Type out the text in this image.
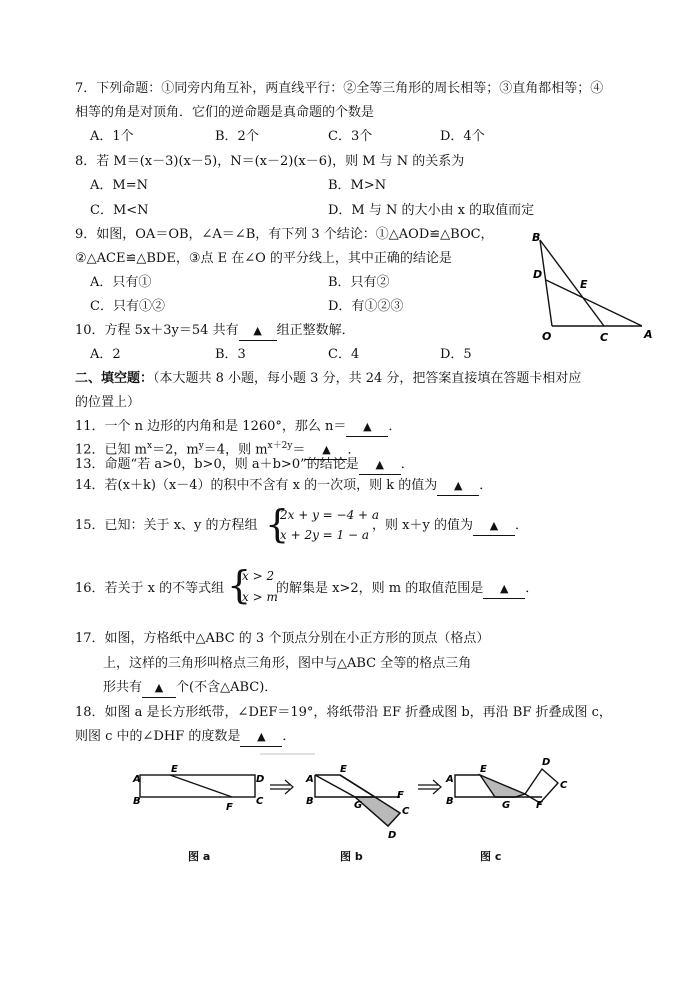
7．下列命题：①同旁内角互补，两直线平行：②全等三角形的周长相等；③直角都相等；④
相等的角是对顶角．它们的逆命题是真命题的个数是
A．1个	B．2个	C．3个	D．4个
8．若 M＝(x－3)(x－5)，N＝(x－2)(x－6)，则 M 与 N 的关系为
A．M=N	B．M>N
C．M<N	D．M 与 N 的大小由 x 的取值而定
9．如图，OA＝OB，∠A＝∠B，有下列 3 个结论：①△AOD≌△BOC，
②△ACE≌△BDE，③点 E 在∠O 的平分线上，其中正确的结论是
A．只有①	B．只有②
C．只有①②	D．有①②③
B
D
E
O	C	A
10．方程 5x＋3y＝54 共有 ▲ 组正整数解．
A．2	B．3	C．4	D．5
二、填空题：（本大题共 8 小题，每小题 3 分，共 24 分，把答案直接填在答题卡相对应
的位置上）
11．一个 n 边形的内角和是 1260°，那么 n＝ ▲ ．
12．已知 $m^x=2$，$m^y=4$，则 $m^{x+2y}=$ ▲ ．
13．命题“若 a>0，b>0，则 a＋b>0”的结论是 ▲ ．
14．若(x＋k)（x－4）的积中不含有 x 的一次项，则 k 的值为 ▲ ．
15．已知：关于 x、y 的方程组 {
2x + y = −4 + a
x + 2y = 1 − a
，则 x＋y 的值为 ▲ ．
16．若关于 x 的不等式组 {
x > 2
x > m
的解集是 x>2，则 m 的取值范围是 ▲ ．
17．如图，方格纸中△ABC 的 3 个顶点分别在小正方形的顶点（格点）
上，这样的三角形叫格点三角形，图中与△ABC 全等的格点三角
形共有 ▲ 个(不含△ABC)．
18．如图 a 是长方形纸带，∠DEF＝19°，将纸带沿 EF 折叠成图 b，再沿 BF 折叠成图 c，
则图 c 中的∠DHF 的度数是 ▲ ．
A
E
D
B
F
C
A
E
B	G
F
C
D
A
E
B	G	F
C
D
图 a	图 b	图 c
